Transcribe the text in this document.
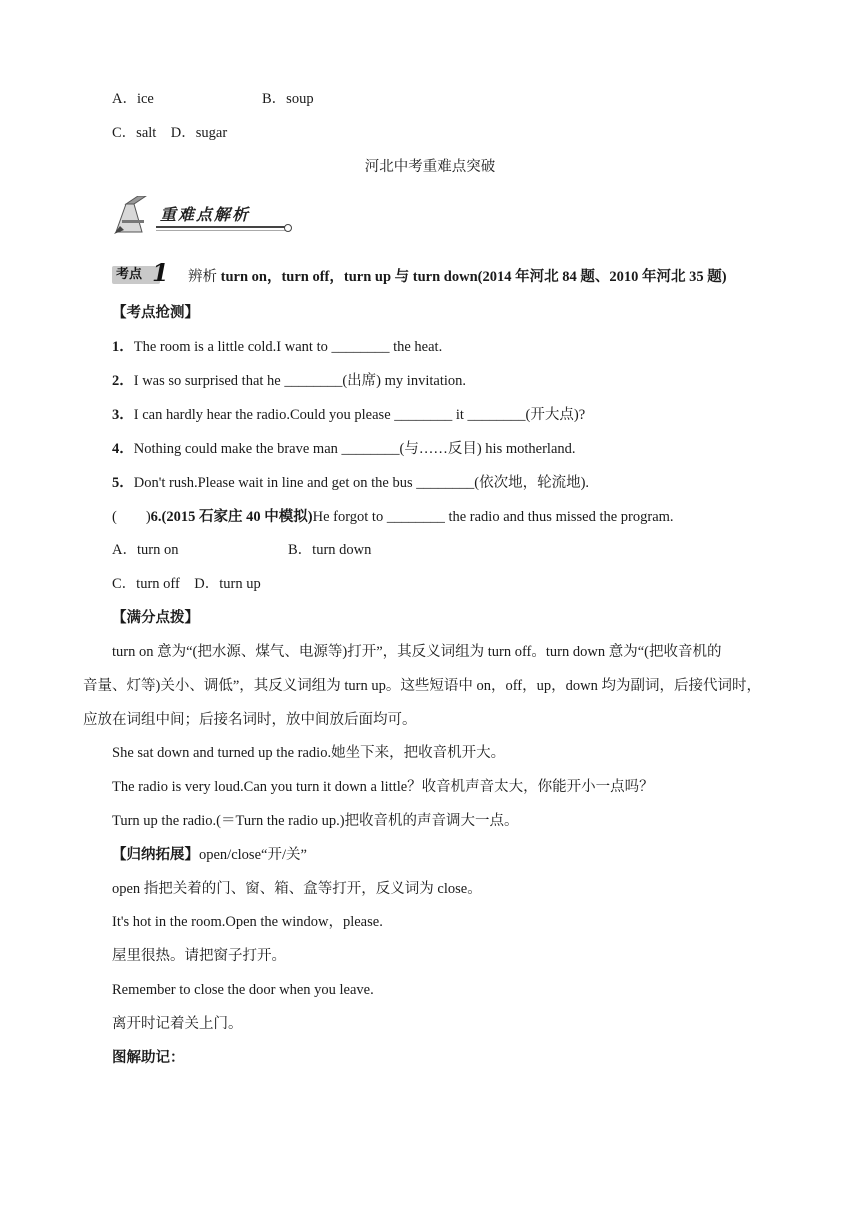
A．ice	B．soup
C．salt　D．sugar
河北中考重难点突破
重难点解析
考点 1 辨析 turn on，turn off，turn up 与 turn down(2014 年河北 84 题、2010 年河北 35 题)
【考点抢测】
1．The room is a little cold.I want to ________ the heat.
2．I was so surprised that he ________(出席) my invitation.
3．I can hardly hear the radio.Could you please ________ it ________(开大点)?
4．Nothing could make the brave man ________(与……反目) his motherland.
5．Don't rush.Please wait in line and get on the bus ________(依次地，轮流地).
(　　)6.(2015 石家庄 40 中模拟)He forgot to ________ the radio and thus missed the program.
A．turn on	B．turn down
C．turn off　D．turn up
【满分点拨】
turn on 意为“(把水源、煤气、电源等)打开”，其反义词组为 turn off。turn down 意为“(把收音机的
音量、灯等)关小、调低”，其反义词组为 turn up。这些短语中 on，off，up，down 均为副词，后接代词时，
应放在词组中间；后接名词时，放中间放后面均可。
She sat down and turned up the radio.她坐下来，把收音机开大。
The radio is very loud.Can you turn it down a little？收音机声音太大，你能开小一点吗？
Turn up the radio.(＝Turn the radio up.)把收音机的声音调大一点。
【归纳拓展】open/close“开/关”
open 指把关着的门、窗、箱、盒等打开，反义词为 close。
It's hot in the room.Open the window，please.
屋里很热。请把窗子打开。
Remember to close the door when you leave.
离开时记着关上门。
图解助记：
